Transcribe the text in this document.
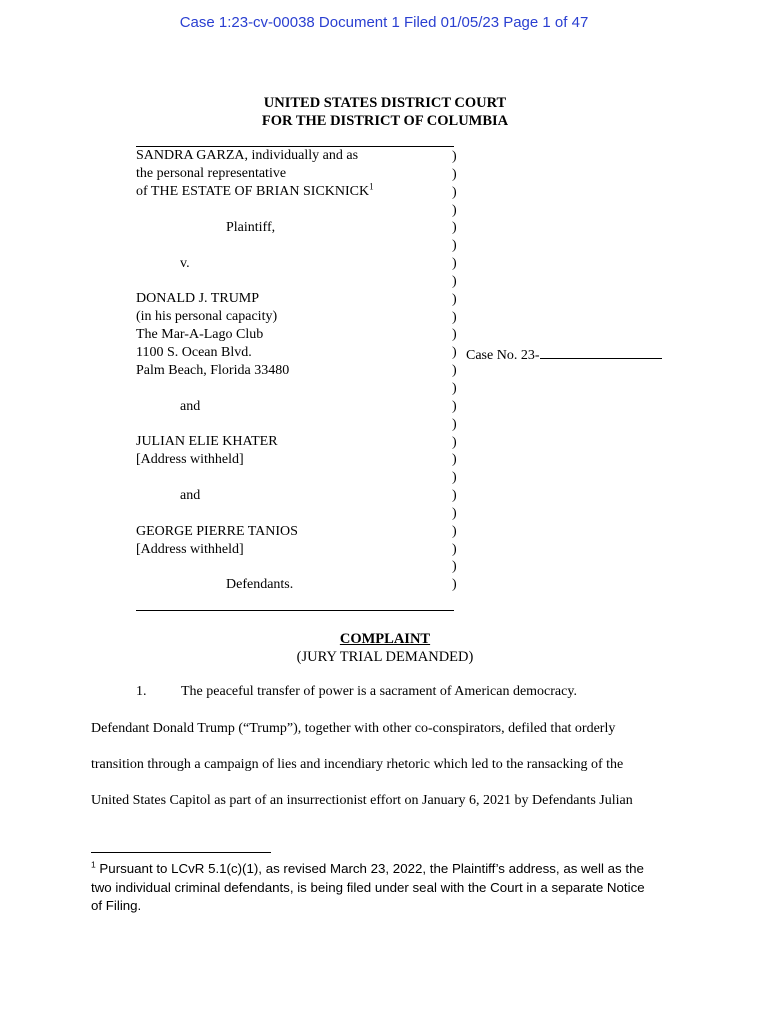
Case 1:23-cv-00038 Document 1 Filed 01/05/23 Page 1 of 47
UNITED STATES DISTRICT COURT
FOR THE DISTRICT OF COLUMBIA
SANDRA GARZA, individually and as
the personal representative
of THE ESTATE OF BRIAN SICKNICK$^1$
Plaintiff,
v.
DONALD J. TRUMP
(in his personal capacity)
The Mar-A-Lago Club
1100 S. Ocean Blvd.
Palm Beach, Florida 33480
and
JULIAN ELIE KHATER
[Address withheld]
and
GEORGE PIERRE TANIOS
[Address withheld]
Defendants.
)
)
)
)
)
)
)
)
)
)
)
)
)
)
)
)
)
)
)
)
)
)
)
)
)
Case No. 23-
COMPLAINT
(JURY TRIAL DEMANDED)
1.	The peaceful transfer of power is a sacrament of American democracy.
Defendant Donald Trump (“Trump”), together with other co-conspirators, defiled that orderly
transition through a campaign of lies and incendiary rhetoric which led to the ransacking of the
United States Capitol as part of an insurrectionist effort on January 6, 2021 by Defendants Julian
$^1$ Pursuant to LCvR 5.1(c)(1), as revised March 23, 2022, the Plaintiff’s address, as well as the
two individual criminal defendants, is being filed under seal with the Court in a separate Notice
of Filing.
